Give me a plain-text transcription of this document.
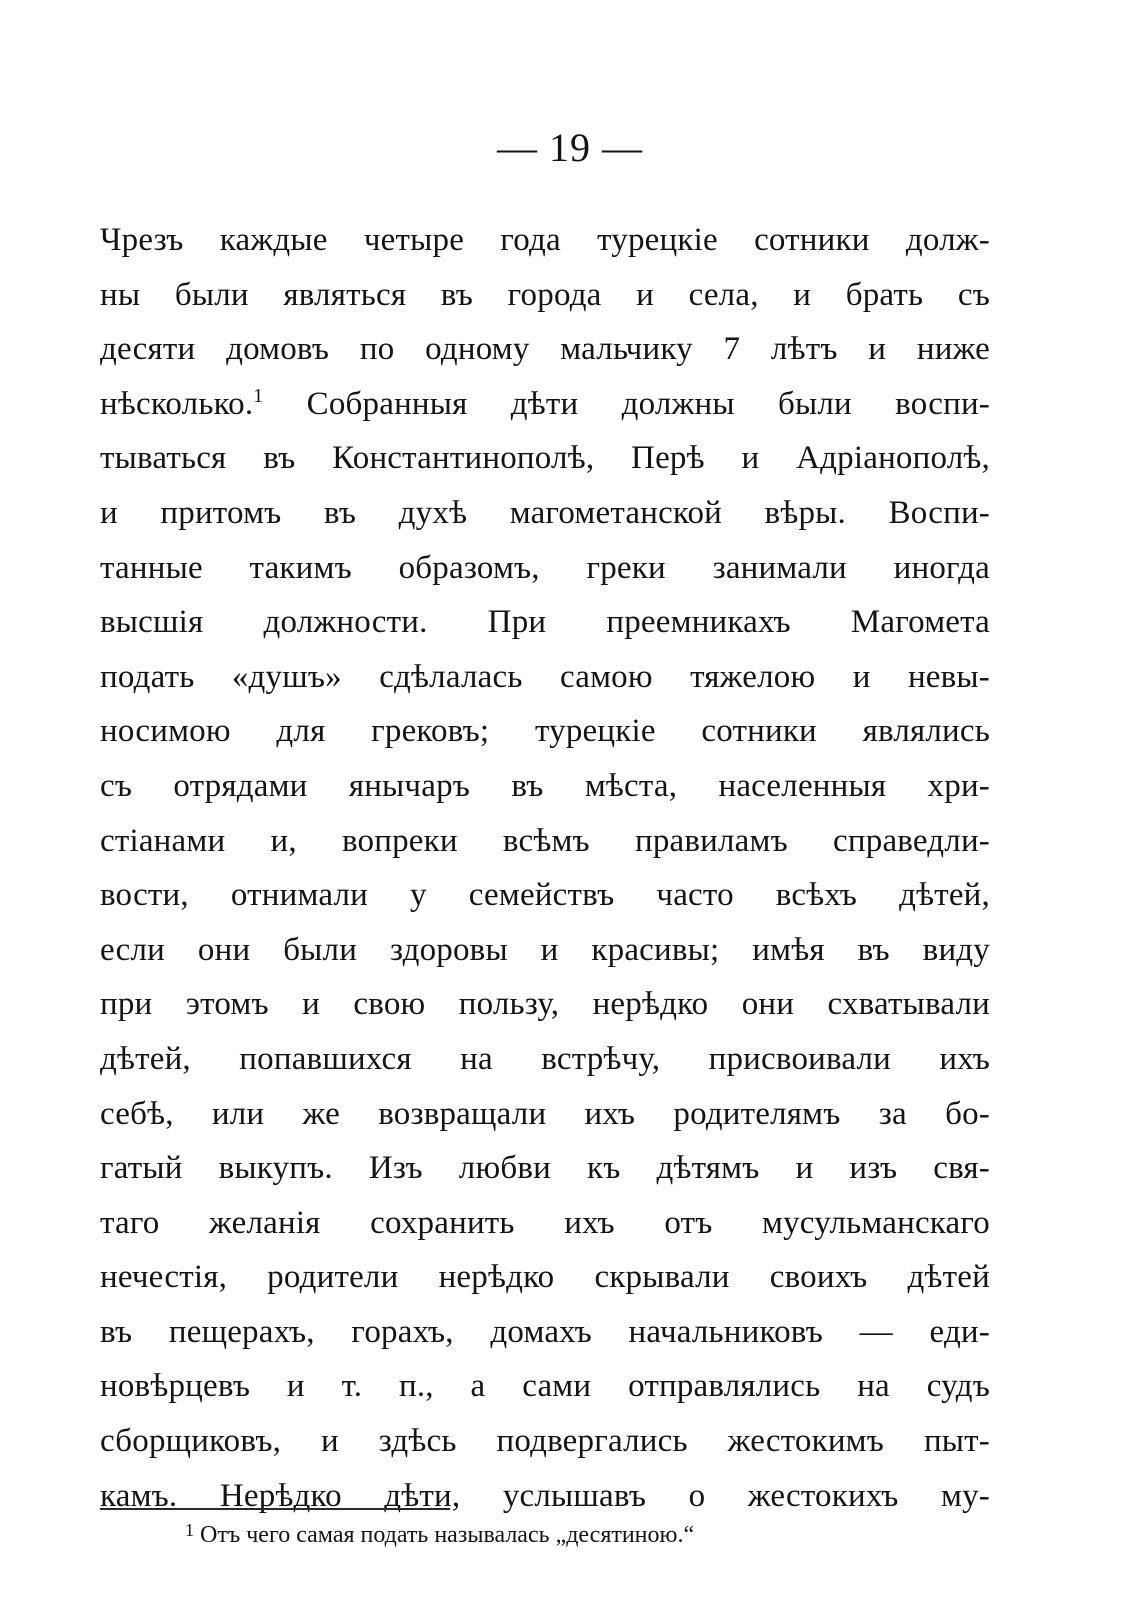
— 19 —
Чрезъ каждые четыре года турецкіе сотники долж-
ны были являться въ города и села, и брать съ
десяти домовъ по одному мальчику 7 лѣтъ и ниже
нѣсколько.$^1$ Собранныя дѣти должны были воспи-
тываться въ Константинополѣ, Перѣ и Адріанополѣ,
и притомъ въ духѣ магометанской вѣры. Воспи-
танные такимъ образомъ, греки занимали иногда
высшія должности. При преемникахъ Магомета
подать «душъ» сдѣлалась самою тяжелою и невы-
носимою для грековъ; турецкіе сотники являлись
съ отрядами янычаръ въ мѣста, населенныя хри-
стіанами и, вопреки всѣмъ правиламъ справедли-
вости, отнимали у семействъ часто всѣхъ дѣтей,
если они были здоровы и красивы; имѣя въ виду
при этомъ и свою пользу, нерѣдко они схватывали
дѣтей, попавшихся на встрѣчу, присвоивали ихъ
себѣ, или же возвращали ихъ родителямъ за бо-
гатый выкупъ. Изъ любви къ дѣтямъ и изъ свя-
таго желанія сохранить ихъ отъ мусульманскаго
нечестія, родители нерѣдко скрывали своихъ дѣтей
въ пещерахъ, горахъ, домахъ начальниковъ — еди-
новѣрцевъ и т. п., а сами отправлялись на судъ
сборщиковъ, и здѣсь подвергались жестокимъ пыт-
камъ. Нерѣдко дѣти, услышавъ о жестокихъ му-
$^1$ Отъ чего самая подать называлась „десятиною.“
